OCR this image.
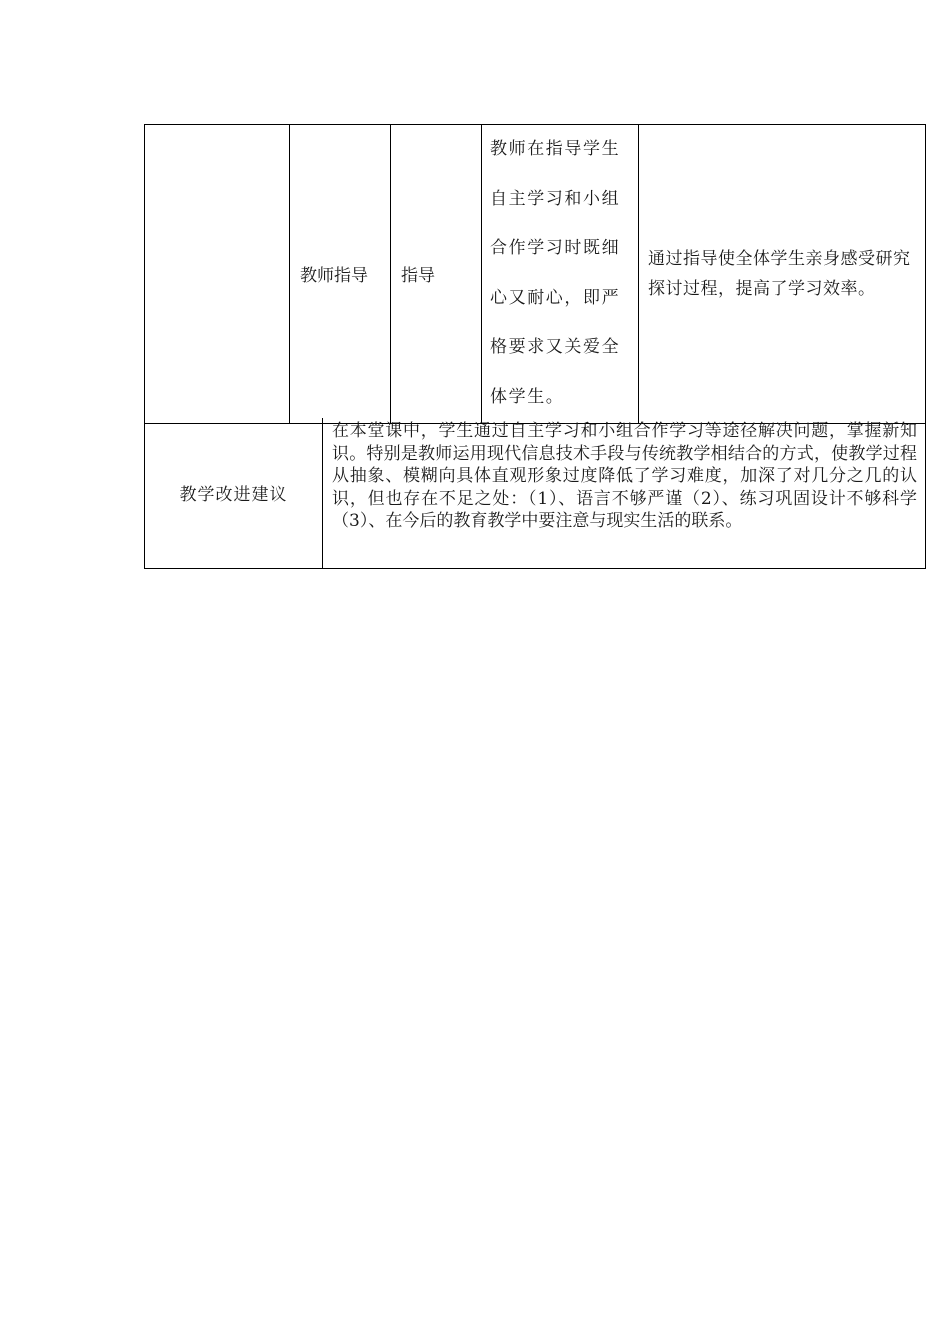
	教师指导	指导	教师在指导学生自主学习和小组合作学习时既细心又耐心，即严格要求又关爱全体学生。	通过指导使全体学生亲身感受研究探讨过程，提高了学习效率。
教学改进建议	在本堂课中，学生通过自主学习和小组合作学习等途径解决问题，掌握新知识。特别是教师运用现代信息技术手段与传统教学相结合的方式，使教学过程从抽象、模糊向具体直观形象过度降低了学习难度，加深了对几分之几的认识，但也存在不足之处：（1）、语言不够严谨（2）、练习巩固设计不够科学（3）、在今后的教育教学中要注意与现实生活的联系。
